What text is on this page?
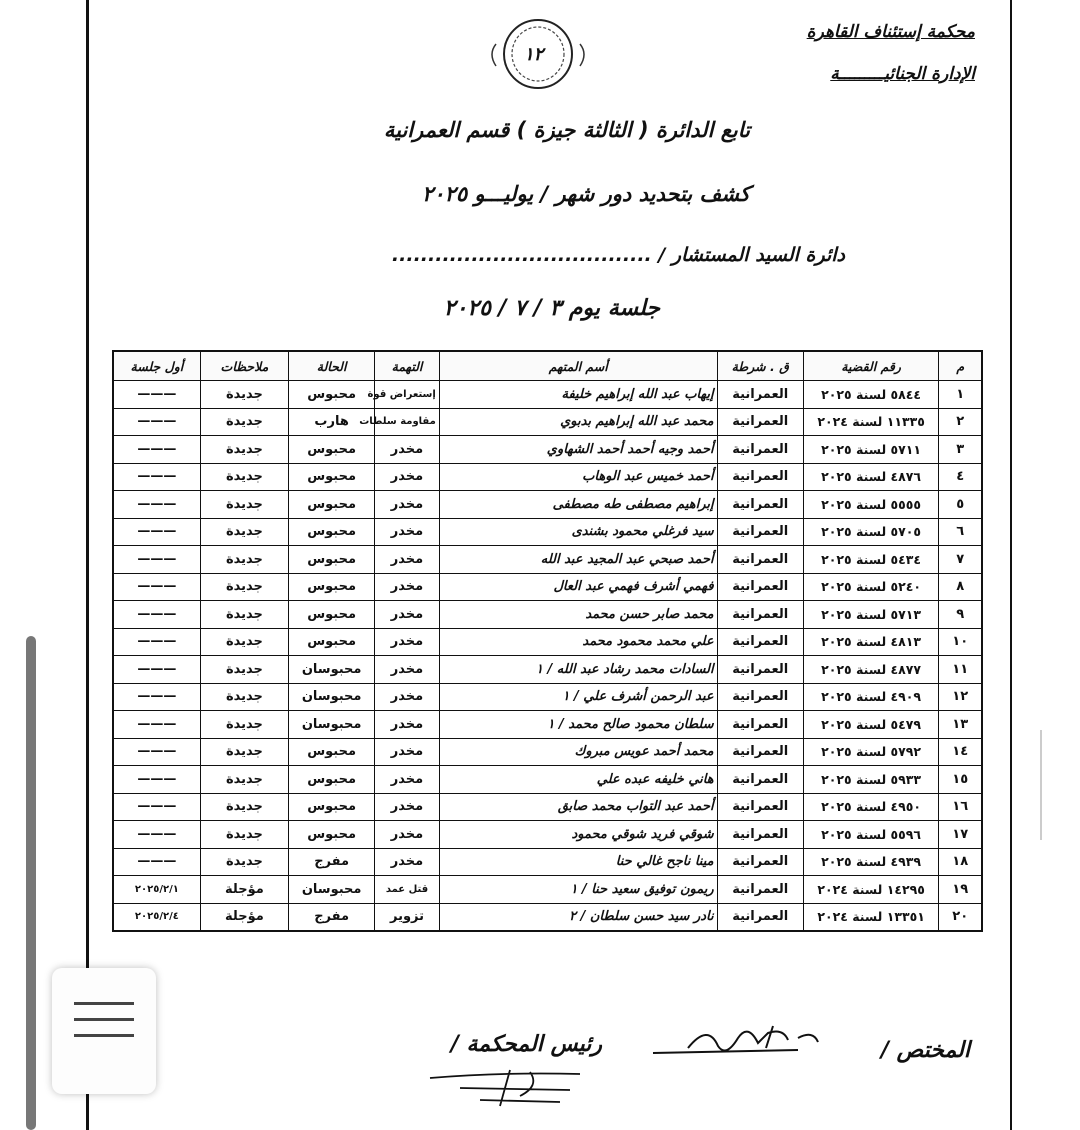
١٢
محكمة إستئناف القاهرة
الإدارة الجنائيـــــــــة
تابع الدائرة ( الثالثة جيزة ) قسم العمرانية
كشف بتحديد دور شهر / يوليـــو ٢٠٢٥
دائرة السيد المستشار / ....................................
جلسة يوم ٣ / ٧ / ٢٠٢٥
م	رقم القضية	ق . شرطة	أسم المتهم	التهمة	الحالة	ملاحظات	أول جلسة
١	٥٨٤٤ لسنة ٢٠٢٥	العمرانية	إيهاب عبد الله إبراهيم خليفة	إستعراض قوة	محبوس	جديدة	———
٢	١١٣٣٥ لسنة ٢٠٢٤	العمرانية	محمد عبد الله إبراهيم بدبوي	مقاومة سلطات	هارب	جديدة	———
٣	٥٧١١ لسنة ٢٠٢٥	العمرانية	أحمد وجيه أحمد أحمد الشهاوي	مخدر	محبوس	جديدة	———
٤	٤٨٧٦ لسنة ٢٠٢٥	العمرانية	أحمد خميس عبد الوهاب	مخدر	محبوس	جديدة	———
٥	٥٥٥٥ لسنة ٢٠٢٥	العمرانية	إبراهيم مصطفى طه مصطفى	مخدر	محبوس	جديدة	———
٦	٥٧٠٥ لسنة ٢٠٢٥	العمرانية	سيد فرغلي محمود بشندى	مخدر	محبوس	جديدة	———
٧	٥٤٣٤ لسنة ٢٠٢٥	العمرانية	أحمد صبحي عبد المجيد عبد الله	مخدر	محبوس	جديدة	———
٨	٥٢٤٠ لسنة ٢٠٢٥	العمرانية	فهمي أشرف فهمي عبد العال	مخدر	محبوس	جديدة	———
٩	٥٧١٣ لسنة ٢٠٢٥	العمرانية	محمد صابر حسن محمد	مخدر	محبوس	جديدة	———
١٠	٤٨١٣ لسنة ٢٠٢٥	العمرانية	علي محمد محمود محمد	مخدر	محبوس	جديدة	———
١١	٤٨٧٧ لسنة ٢٠٢٥	العمرانية	السادات محمد رشاد عبد الله / ١	مخدر	محبوسان	جديدة	———
١٢	٤٩٠٩ لسنة ٢٠٢٥	العمرانية	عبد الرحمن أشرف علي / ١	مخدر	محبوسان	جديدة	———
١٣	٥٤٧٩ لسنة ٢٠٢٥	العمرانية	سلطان محمود صالح محمد / ١	مخدر	محبوسان	جديدة	———
١٤	٥٧٩٢ لسنة ٢٠٢٥	العمرانية	محمد أحمد عويس مبروك	مخدر	محبوس	جديدة	———
١٥	٥٩٣٣ لسنة ٢٠٢٥	العمرانية	هاني خليفه عبده علي	مخدر	محبوس	جديدة	———
١٦	٤٩٥٠ لسنة ٢٠٢٥	العمرانية	أحمد عبد التواب محمد صابق	مخدر	محبوس	جديدة	———
١٧	٥٥٩٦ لسنة ٢٠٢٥	العمرانية	شوقي فريد شوقي محمود	مخدر	محبوس	جديدة	———
١٨	٤٩٣٩ لسنة ٢٠٢٥	العمرانية	مينا ناجح غالي حنا	مخدر	مفرج	جديدة	———
١٩	١٤٢٩٥ لسنة ٢٠٢٤	العمرانية	ريمون توفيق سعيد حنا / ١	قتل عمد	محبوسان	مؤجلة	٢٠٢٥/٢/١
٢٠	١٣٣٥١ لسنة ٢٠٢٤	العمرانية	نادر سيد حسن سلطان / ٢	تزوير	مفرج	مؤجلة	٢٠٢٥/٢/٤
المختص /
رئيس المحكمة /
